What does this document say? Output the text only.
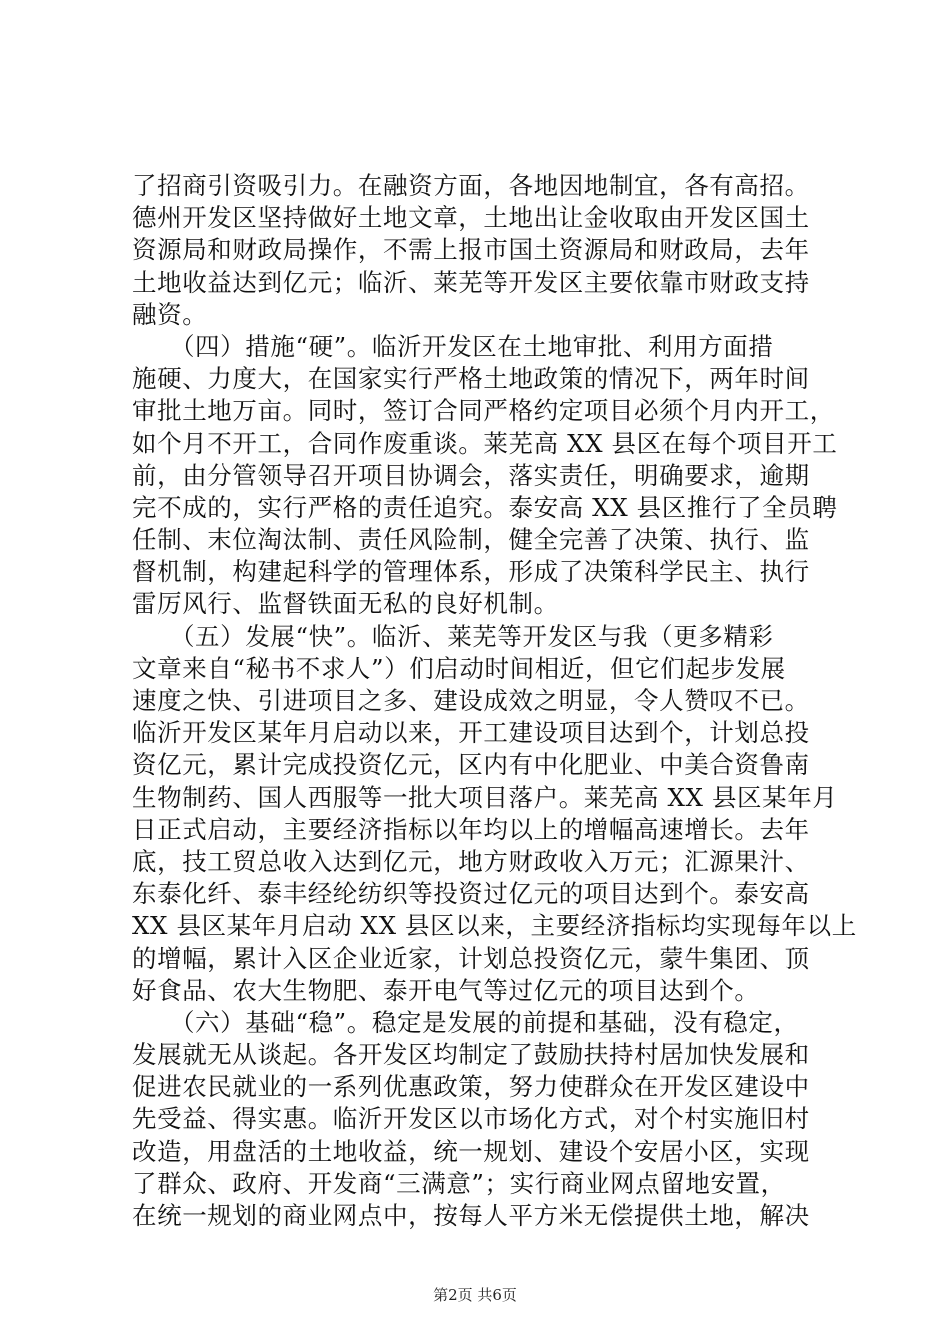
了招商引资吸引力。在融资方面，各地因地制宜，各有高招。
德州开发区坚持做好土地文章，土地出让金收取由开发区国土
资源局和财政局操作，不需上报市国土资源局和财政局，去年
土地收益达到亿元；临沂、莱芜等开发区主要依靠市财政支持
融资。
　　（四）措施“硬”。临沂开发区在土地审批、利用方面措
施硬、力度大，在国家实行严格土地政策的情况下，两年时间
审批土地万亩。同时，签订合同严格约定项目必须个月内开工，
如个月不开工，合同作废重谈。莱芜高 XX 县区在每个项目开工
前，由分管领导召开项目协调会，落实责任，明确要求，逾期
完不成的，实行严格的责任追究。泰安高 XX 县区推行了全员聘
任制、末位淘汰制、责任风险制，健全完善了决策、执行、监
督机制，构建起科学的管理体系，形成了决策科学民主、执行
雷厉风行、监督铁面无私的良好机制。
　　（五）发展“快”。临沂、莱芜等开发区与我（更多精彩
文章来自“秘书不求人”）们启动时间相近，但它们起步发展
速度之快、引进项目之多、建设成效之明显，令人赞叹不已。
临沂开发区某年月启动以来，开工建设项目达到个，计划总投
资亿元，累计完成投资亿元，区内有中化肥业、中美合资鲁南
生物制药、国人西服等一批大项目落户。莱芜高 XX 县区某年月
日正式启动，主要经济指标以年均以上的增幅高速增长。去年
底，技工贸总收入达到亿元，地方财政收入万元；汇源果汁、
东泰化纤、泰丰经纶纺织等投资过亿元的项目达到个。泰安高
XX 县区某年月启动 XX 县区以来，主要经济指标均实现每年以上
的增幅，累计入区企业近家，计划总投资亿元，蒙牛集团、顶
好食品、农大生物肥、泰开电气等过亿元的项目达到个。
　　（六）基础“稳”。稳定是发展的前提和基础，没有稳定，
发展就无从谈起。各开发区均制定了鼓励扶持村居加快发展和
促进农民就业的一系列优惠政策，努力使群众在开发区建设中
先受益、得实惠。临沂开发区以市场化方式，对个村实施旧村
改造，用盘活的土地收益，统一规划、建设个安居小区，实现
了群众、政府、开发商“三满意”；实行商业网点留地安置，
在统一规划的商业网点中，按每人平方米无偿提供土地，解决
第2页 共6页
